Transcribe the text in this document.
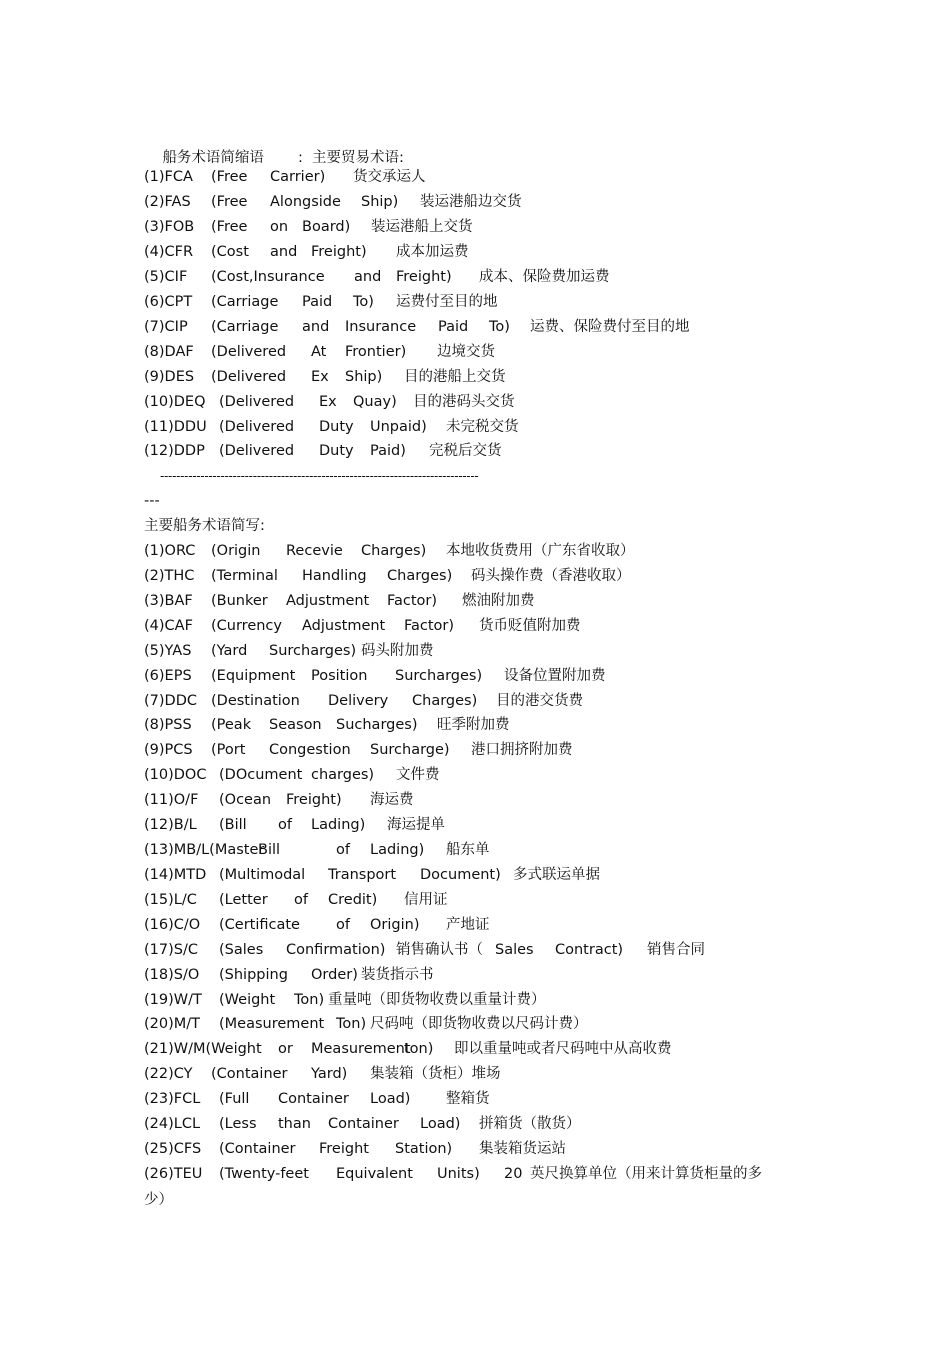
船务术语简缩语 :  主要贸易术语:

(1)FCA (Free Carrier) 货交承运人
(2)FAS (Free Alongside Ship) 装运港船边交货
(3)FOB (Free on Board) 装运港船上交货
(4)CFR (Cost and Freight) 成本加运费
(5)CIF (Cost,Insurance and Freight) 成本、保险费加运费
(6)CPT (Carriage Paid To) 运费付至目的地
(7)CIP (Carriage and Insurance Paid To) 运费、保险费付至目的地
(8)DAF (Delivered At Frontier) 边境交货
(9)DES (Delivered Ex Ship) 目的港船上交货
(10)DEQ (Delivered Ex Quay) 目的港码头交货
(11)DDU (Delivered Duty Unpaid) 未完税交货
(12)DDP (Delivered Duty Paid) 完税后交货
-------------------------------------------------------------------------------
---
主要船务术语简写:
(1)ORC (Origin Recevie Charges) 本地收货费用（广东省收取）
(2)THC (Terminal Handling Charges) 码头操作费（香港收取）
(3)BAF (Bunker Adjustment Factor) 燃油附加费
(4)CAF (Currency Adjustment Factor) 货币贬值附加费
(5)YAS (Yard Surcharges) 码头附加费
(6)EPS (Equipment Position Surcharges) 设备位置附加费
(7)DDC (Destination Delivery Charges) 目的港交货费
(8)PSS (Peak Season Sucharges) 旺季附加费
(9)PCS (Port Congestion Surcharge) 港口拥挤附加费
(10)DOC (DOcument charges) 文件费
(11)O/F (Ocean Freight) 海运费
(12)B/L (Bill of Lading) 海运提单
(13)MB/L(Master
Bill	of Lading) 船东单
(14)MTD (Multimodal Transport Document) 多式联运单据
(15)L/C (Letter of Credit) 信用证
(16)C/O (Certificate of Origin) 产地证
(17)S/C (Sales Confirmation) 销售确认书（ Sales Contract) 销售合同
(18)S/O (Shipping Order) 装货指示书
(19)W/T (Weight Ton) 重量吨（即货物收费以重量计费）
(20)M/T (Measurement Ton) 尺码吨（即货物收费以尺码计费）
(21)W/M(Weight or Measurement
ton) 即以重量吨或者尺码吨中从高收费
(22)CY (Container Yard) 集装箱（货柜）堆场
(23)FCL (Full Container Load) 整箱货
(24)LCL (Less than Container Load) 拼箱货（散货）
(25)CFS (Container Freight Station) 集装箱货运站
(26)TEU (Twenty-feet Equivalent Units) 20 英尺换算单位（用来计算货柜量的多
少）
